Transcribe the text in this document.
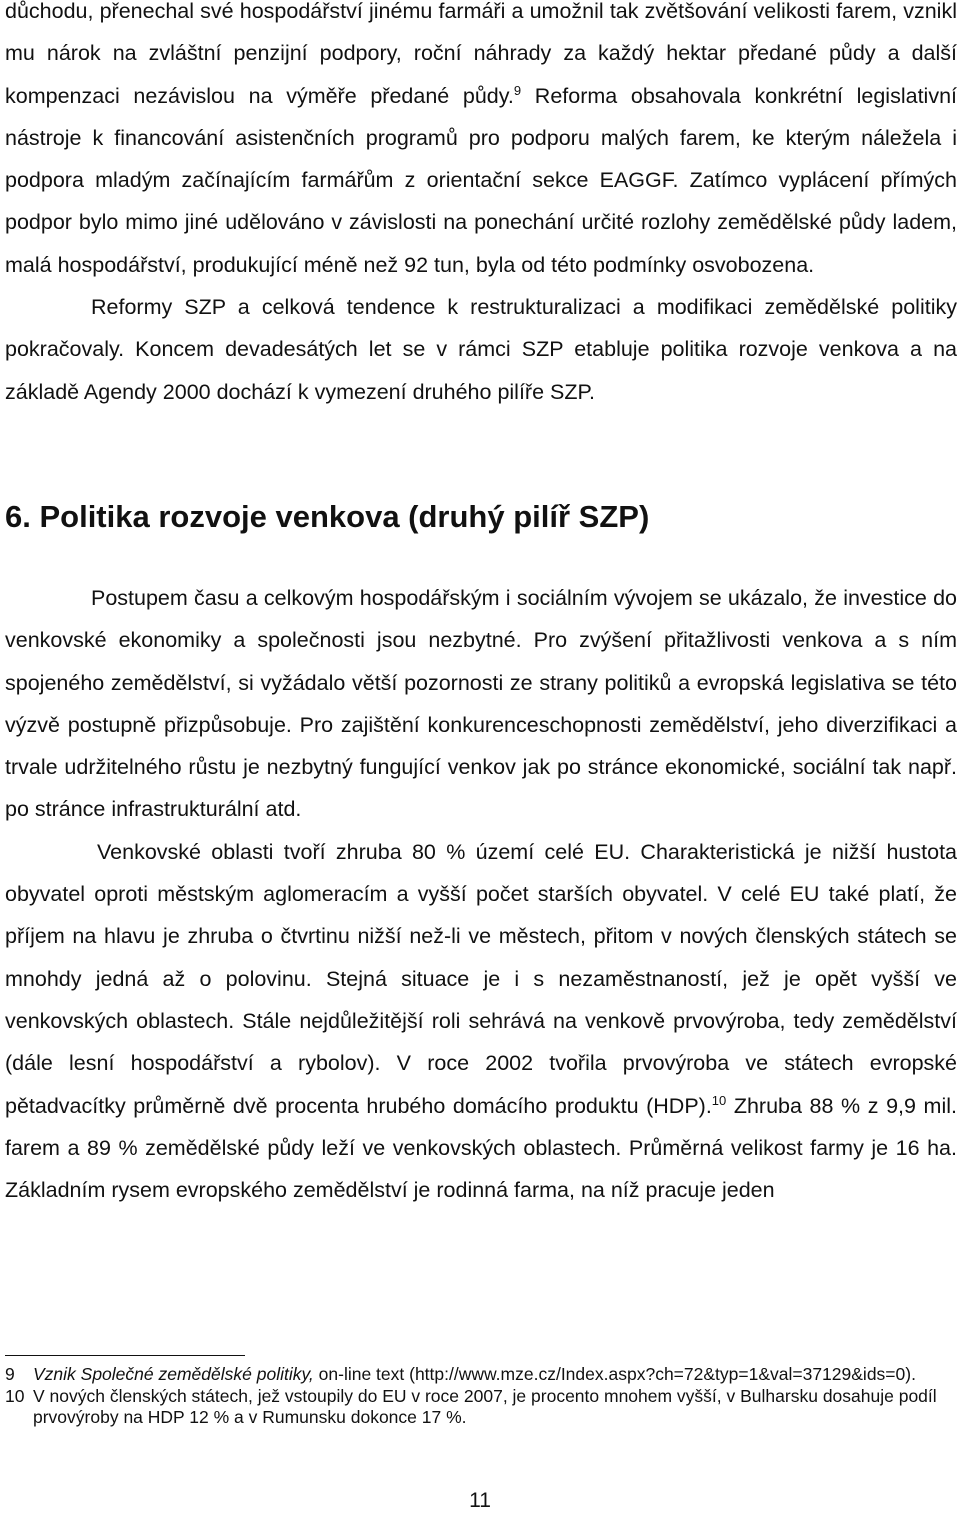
důchodu, přenechal své hospodářství jinému farmáři a umožnil tak zvětšování velikosti farem, vznikl mu nárok na zvláštní penzijní podpory, roční náhrady za každý hektar předané půdy a další kompenzaci nezávislou na výměře předané půdy.$^9$ Reforma obsahovala konkrétní legislativní nástroje k financování asistenčních programů pro podporu malých farem, ke kterým náležela i podpora mladým začínajícím farmářům z orientační sekce EAGGF. Zatímco vyplácení přímých podpor bylo mimo jiné udělováno v závislosti na ponechání určité rozlohy zemědělské půdy ladem, malá hospodářství, produkující méně než 92 tun, byla od této podmínky osvobozena.

Reformy SZP a celková tendence k restrukturalizaci a modifikaci zemědělské politiky pokračovaly. Koncem devadesátých let se v rámci SZP etabluje politika rozvoje venkova a na základě Agendy 2000 dochází k vymezení druhého pilíře SZP.

6. Politika rozvoje venkova (druhý pilíř SZP)

Postupem času a celkovým hospodářským i sociálním vývojem se ukázalo, že investice do venkovské ekonomiky a společnosti jsou nezbytné. Pro zvýšení přitažlivosti venkova a s ním spojeného zemědělství, si vyžádalo větší pozornosti ze strany politiků a evropská legislativa se této výzvě postupně přizpůsobuje. Pro zajištění konkurenceschopnosti zemědělství, jeho diverzifikaci a trvale udržitelného růstu je nezbytný fungující venkov jak po stránce ekonomické, sociální tak např. po stránce infrastrukturální atd.

Venkovské oblasti tvoří zhruba 80 % území celé EU. Charakteristická je nižší hustota obyvatel oproti městským aglomeracím a vyšší počet starších obyvatel. V celé EU také platí, že příjem na hlavu je zhruba o čtvrtinu nižší než-li ve městech, přitom v nových členských státech se mnohdy jedná až o polovinu. Stejná situace je i s nezaměstnaností, jež je opět vyšší ve venkovských oblastech. Stále nejdůležitější roli sehrává na venkově prvovýroba, tedy zemědělství (dále lesní hospodářství a rybolov). V roce 2002 tvořila prvovýroba ve státech evropské pětadvacítky průměrně dvě procenta hrubého domácího produktu (HDP).$^{10}$ Zhruba 88 % z 9,9 mil. farem a 89 % zemědělské půdy leží ve venkovských oblastech. Průměrná velikost farmy je 16 ha. Základním rysem evropského zemědělství je rodinná farma, na níž pracuje jeden

9	Vznik Společné zemědělské politiky, on-line text (http://www.mze.cz/Index.aspx?ch=72&typ=1&val=37129&ids=0).
10 V nových členských státech, jež vstoupily do EU v roce 2007, je procento mnohem vyšší, v Bulharsku dosahuje podíl prvovýroby na HDP 12 % a v Rumunsku dokonce 17 %.
11
